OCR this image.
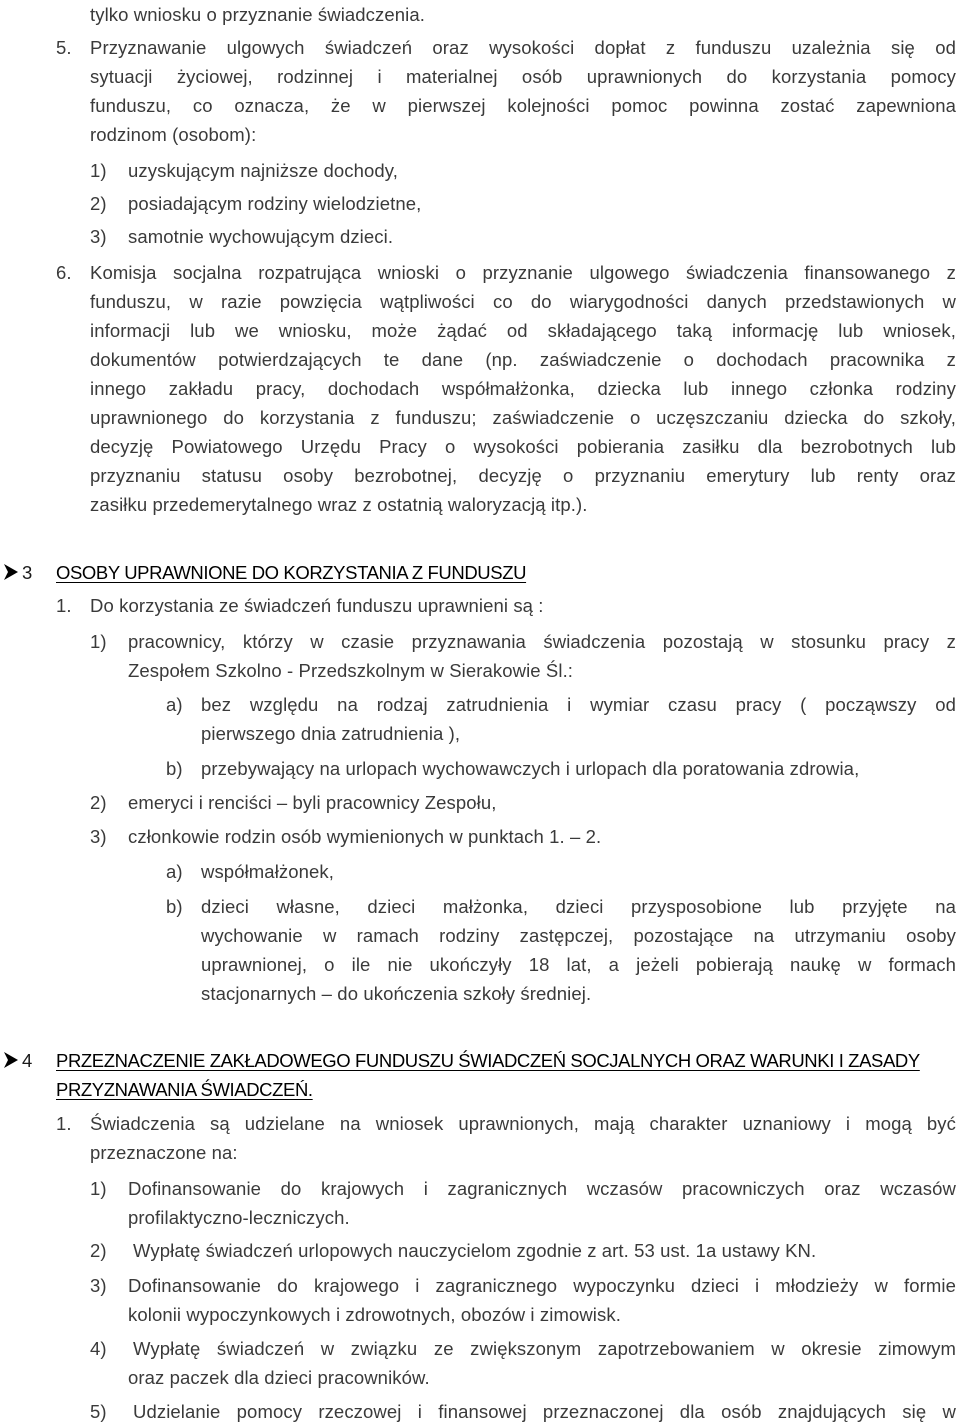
tylko wniosku o przyznanie świadczenia.
5. Przyznawanie ulgowych świadczeń oraz wysokości dopłat z funduszu uzależnia się od
sytuacji życiowej, rodzinnej i materialnej osób uprawnionych do korzystania pomocy
funduszu, co oznacza, że w pierwszej kolejności pomoc powinna zostać zapewniona
rodzinom (osobom):
1) uzyskującym najniższe dochody,
2) posiadającym rodziny wielodzietne,
3) samotnie wychowującym dzieci.
6. Komisja socjalna rozpatrująca wnioski o przyznanie ulgowego świadczenia finansowanego z
funduszu, w razie powzięcia wątpliwości co do wiarygodności danych przedstawionych w
informacji lub we wniosku, może żądać od składającego taką informację lub wniosek,
dokumentów potwierdzających te dane (np. zaświadczenie o dochodach pracownika z
innego zakładu pracy, dochodach współmałżonka, dziecka lub innego członka rodziny
uprawnionego do korzystania z funduszu; zaświadczenie o uczęszczaniu dziecka do szkoły,
decyzję Powiatowego Urzędu Pracy o wysokości pobierania zasiłku dla bezrobotnych lub
przyznaniu statusu osoby bezrobotnej, decyzję o przyznaniu emerytury lub renty oraz
zasiłku przedemerytalnego wraz z ostatnią waloryzacją itp.).
3 OSOBY UPRAWNIONE DO KORZYSTANIA Z FUNDUSZU
1. Do korzystania ze świadczeń funduszu uprawnieni są :
1) pracownicy, którzy w czasie przyznawania świadczenia pozostają w stosunku pracy z
Zespołem Szkolno - Przedszkolnym w Sierakowie Śl.:
a) bez względu na rodzaj zatrudnienia i wymiar czasu pracy ( począwszy od
pierwszego dnia zatrudnienia ),
b) przebywający na urlopach wychowawczych i urlopach dla poratowania zdrowia,
2) emeryci i renciści – byli pracownicy Zespołu,
3) członkowie rodzin osób wymienionych w punktach 1. – 2.
a) współmałżonek,
b) dzieci własne, dzieci małżonka, dzieci przysposobione lub przyjęte na
wychowanie w ramach rodziny zastępczej, pozostające na utrzymaniu osoby
uprawnionej, o ile nie ukończyły 18 lat, a jeżeli pobierają naukę w formach
stacjonarnych – do ukończenia szkoły średniej.
4 PRZEZNACZENIE ZAKŁADOWEGO FUNDUSZU ŚWIADCZEŃ SOCJALNYCH ORAZ WARUNKI I ZASADY
PRZYZNAWANIA ŚWIADCZEŃ.
1. Świadczenia są udzielane na wniosek uprawnionych, mają charakter uznaniowy i mogą być
przeznaczone na:
1) Dofinansowanie do krajowych i zagranicznych wczasów pracowniczych oraz wczasów
profilaktyczno-leczniczych.
2) Wypłatę świadczeń urlopowych nauczycielom zgodnie z art. 53 ust. 1a ustawy KN.
3) Dofinansowanie do krajowego i zagranicznego wypoczynku dzieci i młodzieży w formie
kolonii wypoczynkowych i zdrowotnych, obozów i zimowisk.
4) Wypłatę świadczeń w związku ze zwiększonym zapotrzebowaniem w okresie zimowym
oraz paczek dla dzieci pracowników.
5) Udzielanie pomocy rzeczowej i finansowej przeznaczonej dla osób znajdujących się w
